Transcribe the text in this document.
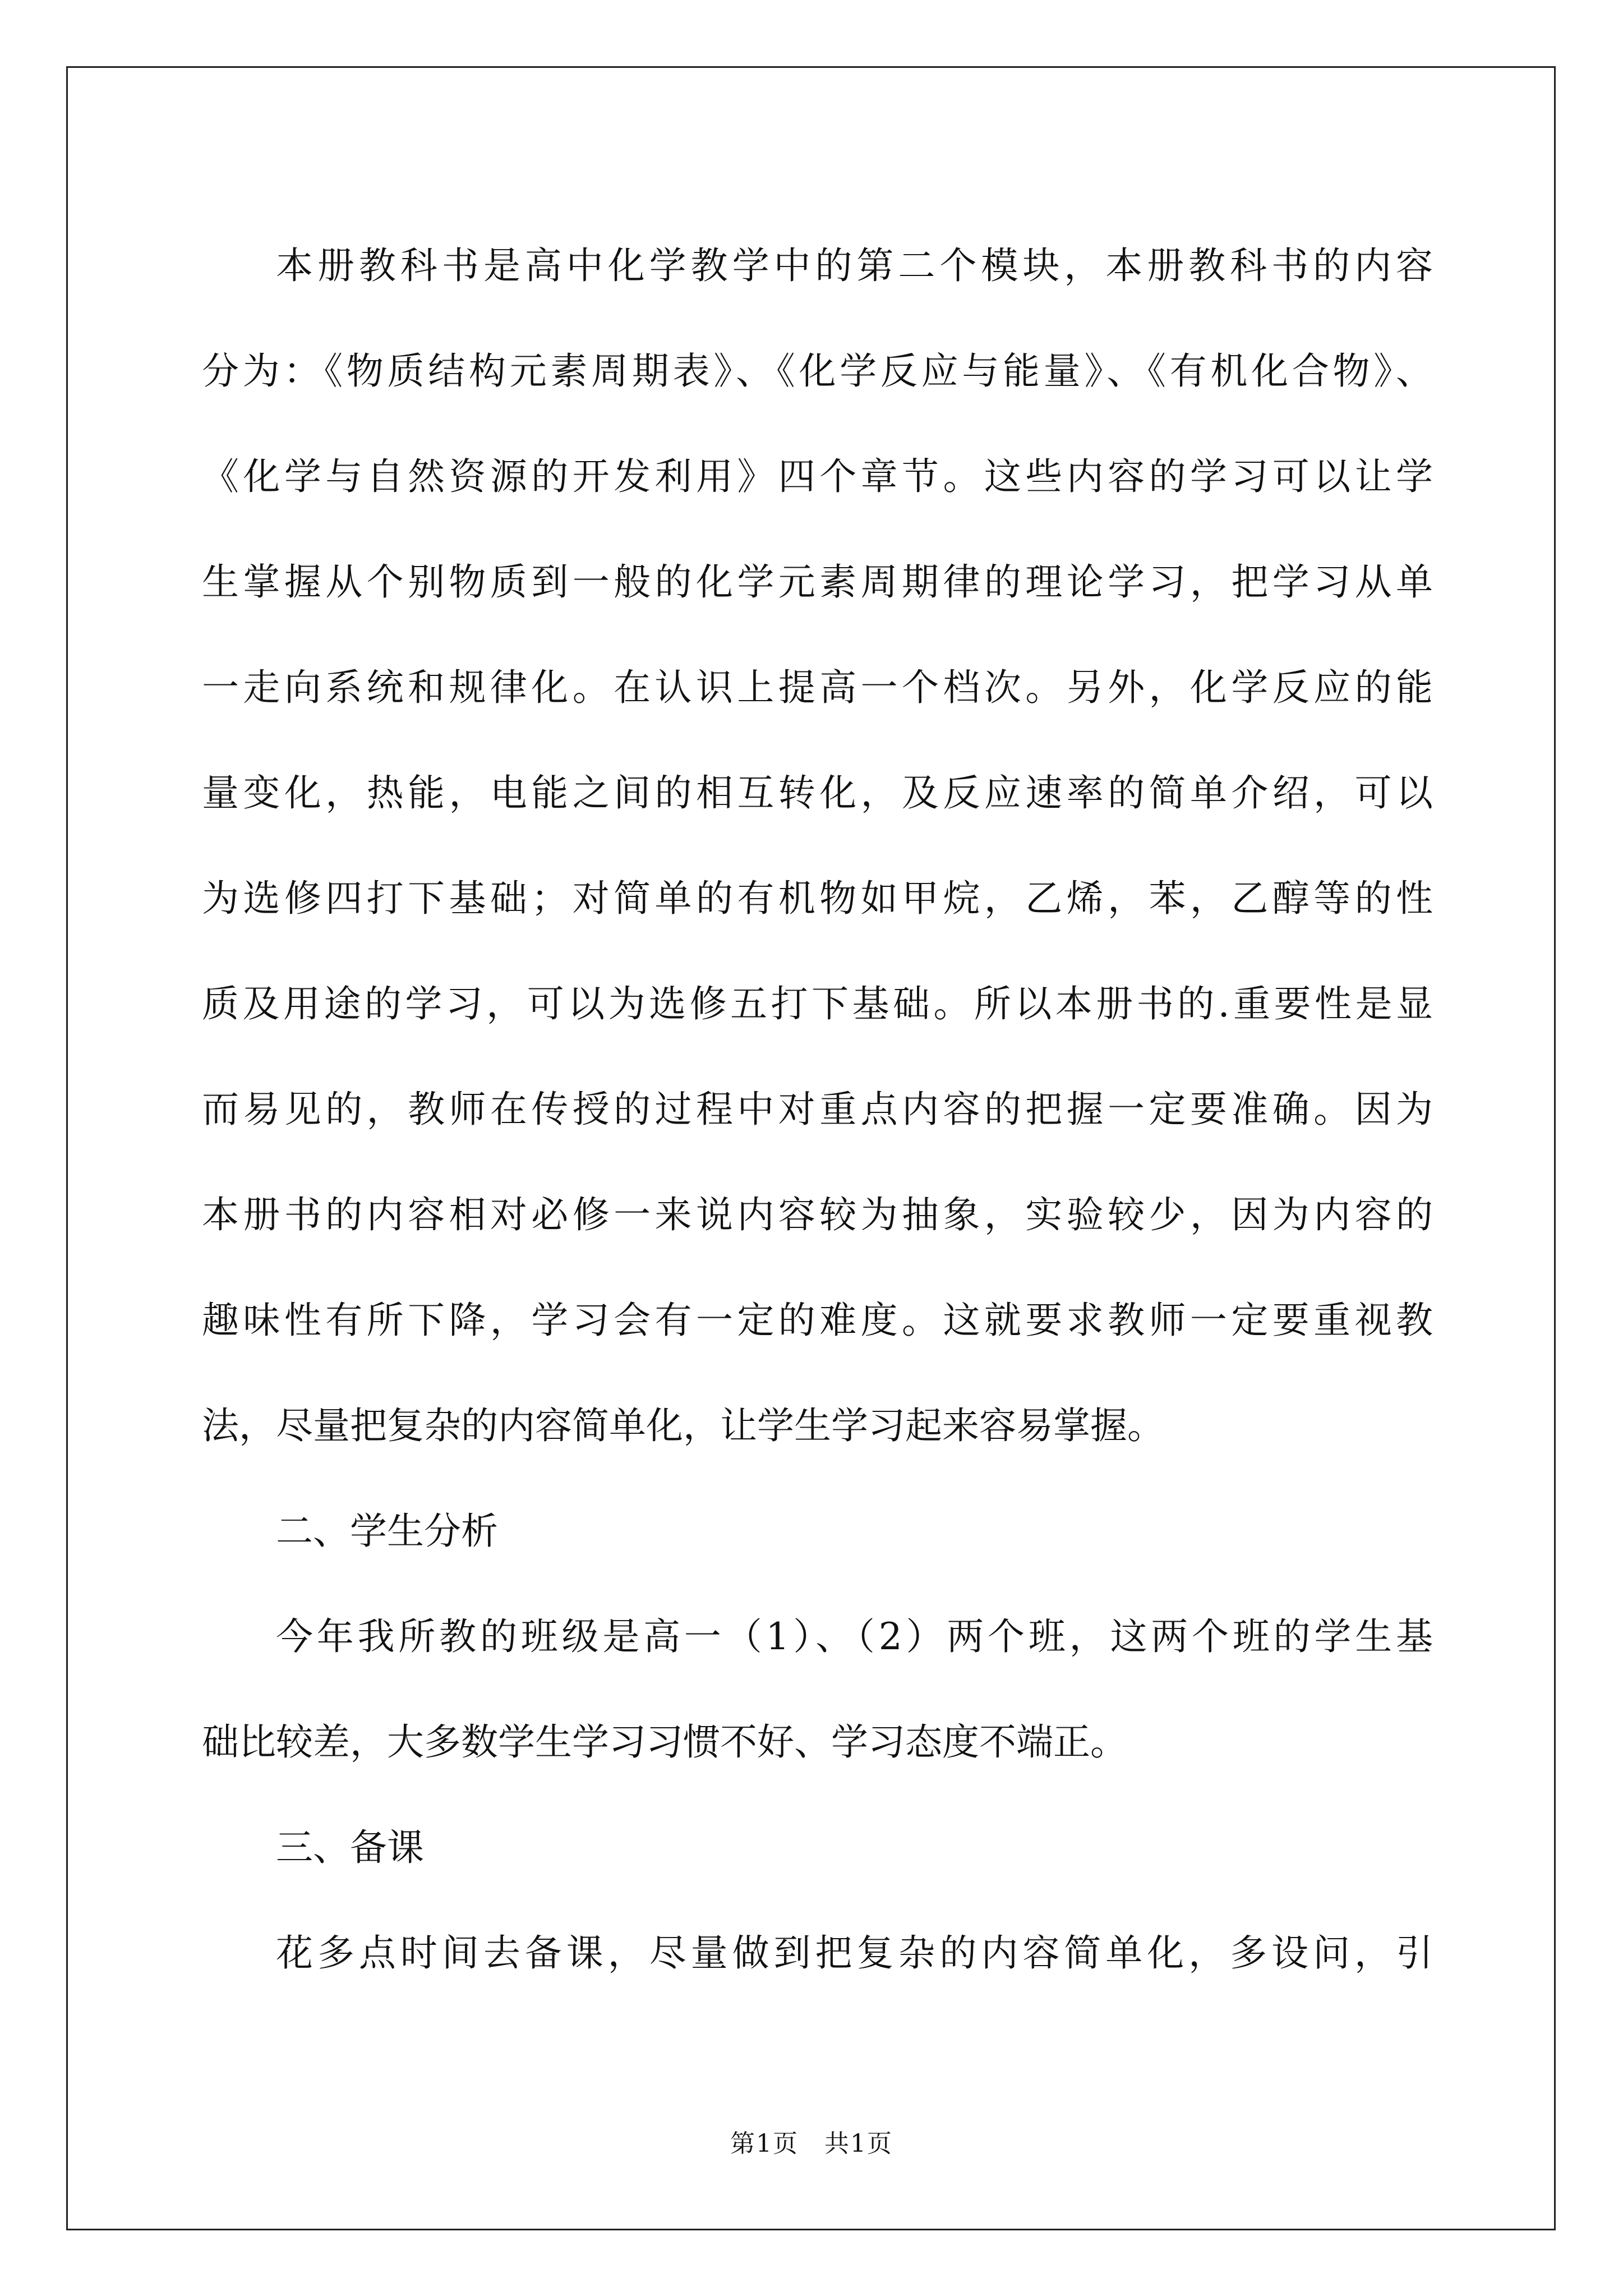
本册教科书是高中化学教学中的第二个模块，本册教科书的内容
分为：《物质结构元素周期表》、《化学反应与能量》、《有机化合物》、
《化学与自然资源的开发利用》四个章节。这些内容的学习可以让学
生掌握从个别物质到一般的化学元素周期律的理论学习，把学习从单
一走向系统和规律化。在认识上提高一个档次。另外，化学反应的能
量变化，热能，电能之间的相互转化，及反应速率的简单介绍，可以
为选修四打下基础；对简单的有机物如甲烷，乙烯，苯，乙醇等的性
质及用途的学习，可以为选修五打下基础。所以本册书的.重要性是显
而易见的，教师在传授的过程中对重点内容的把握一定要准确。因为
本册书的内容相对必修一来说内容较为抽象，实验较少，因为内容的
趣味性有所下降，学习会有一定的难度。这就要求教师一定要重视教
法，尽量把复杂的内容简单化，让学生学习起来容易掌握。
二、学生分析
今年我所教的班级是高一（1）、（2）两个班，这两个班的学生基
础比较差，大多数学生学习习惯不好、学习态度不端正。
三、备课
花多点时间去备课，尽量做到把复杂的内容简单化，多设问，引
第1页　共1页
